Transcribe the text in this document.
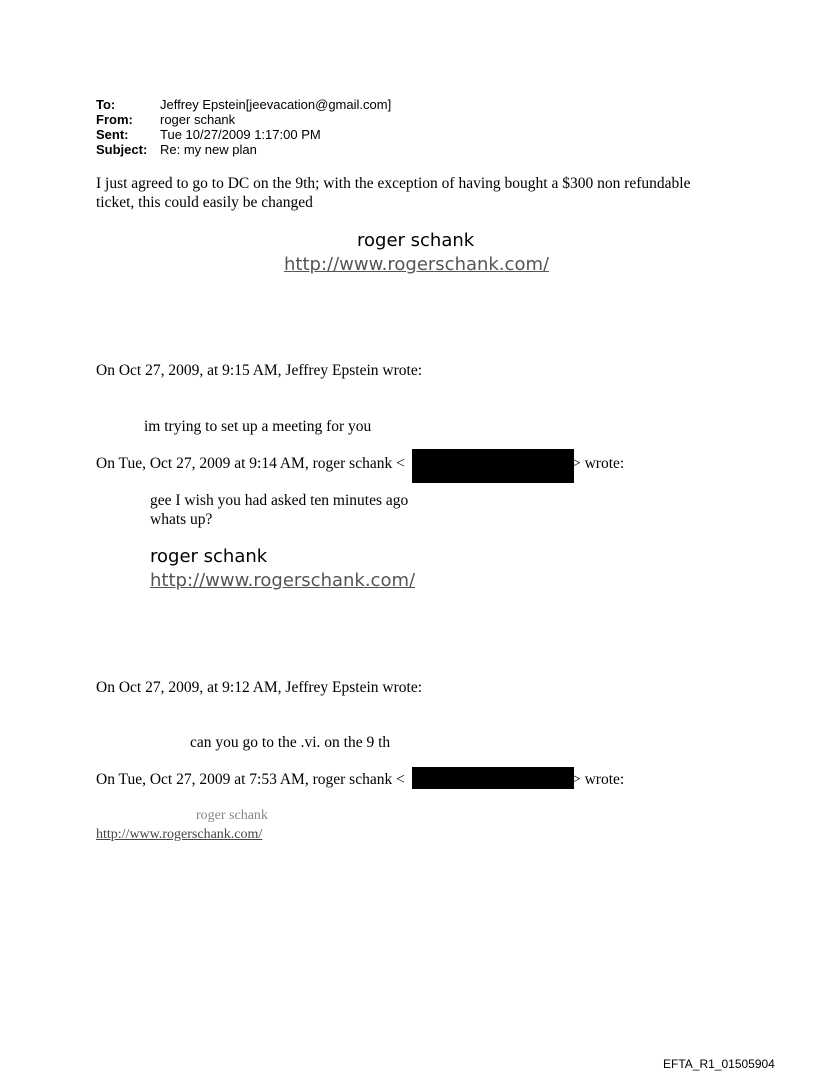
To:	Jeffrey Epstein[jeevacation@gmail.com]
From: roger schank
Sent: Tue 10/27/2009 1:17:00 PM
Subject: Re: my new plan
I just agreed to go to DC on the 9th; with the exception of having bought a $300 non refundable
ticket, this could easily be changed
roger schank
http://www.rogerschank.com/
On Oct 27, 2009, at 9:15 AM, Jeffrey Epstein wrote:
im trying to set up a meeting for you
On Tue, Oct 27, 2009 at 9:14 AM, roger schank <	> wrote:
gee I wish you had asked ten minutes ago
whats up?
roger schank
http://www.rogerschank.com/
On Oct 27, 2009, at 9:12 AM, Jeffrey Epstein wrote:
can you go to the .vi. on the 9 th
On Tue, Oct 27, 2009 at 7:53 AM, roger schank <	> wrote:
roger schank
http://www.rogerschank.com/
EFTA_R1_01505904
